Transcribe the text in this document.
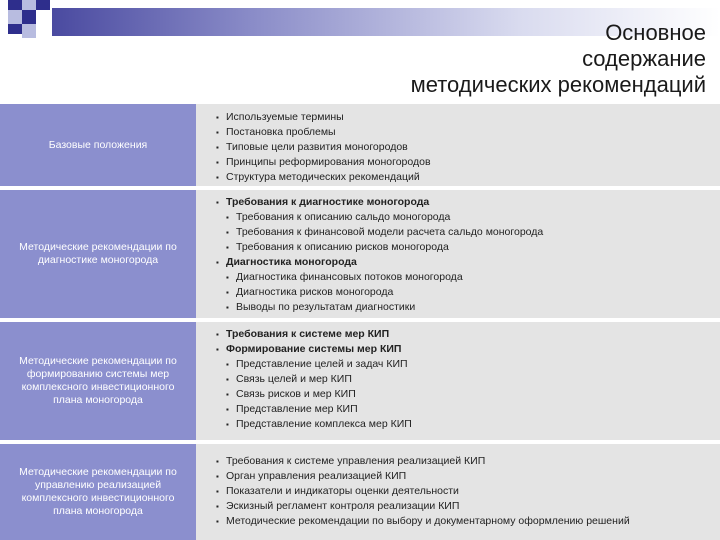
Основное
содержание
методических рекомендаций
Базовые положения
▪ Используемые термины
▪ Постановка проблемы
▪ Типовые цели развития моногородов
▪ Принципы реформирования моногородов
▪ Структура методических рекомендаций
Методические рекомендации по диагностике моногорода
▪ Требования к диагностике моногорода
▪ Требования к описанию сальдо моногорода
▪ Требования к финансовой модели расчета сальдо моногорода
▪ Требования к описанию рисков моногорода
▪ Диагностика моногорода
▪ Диагностика финансовых потоков моногорода
▪ Диагностика рисков моногорода
▪ Выводы по результатам диагностики
Методические рекомендации по формированию системы мер комплексного инвестиционного плана моногорода
▪ Требования к системе мер КИП
▪ Формирование системы мер КИП
▪ Представление целей и задач КИП
▪ Связь целей и мер КИП
▪ Связь рисков и мер КИП
▪ Представление мер КИП
▪ Представление комплекса мер КИП
Методические рекомендации по управлению реализацией комплексного инвестиционного плана моногорода
▪ Требования к системе управления реализацией КИП
▪ Орган управления реализацией КИП
▪ Показатели и индикаторы оценки деятельности
▪ Эскизный регламент контроля реализации КИП
▪ Методические рекомендации по выбору и документарному оформлению решений
